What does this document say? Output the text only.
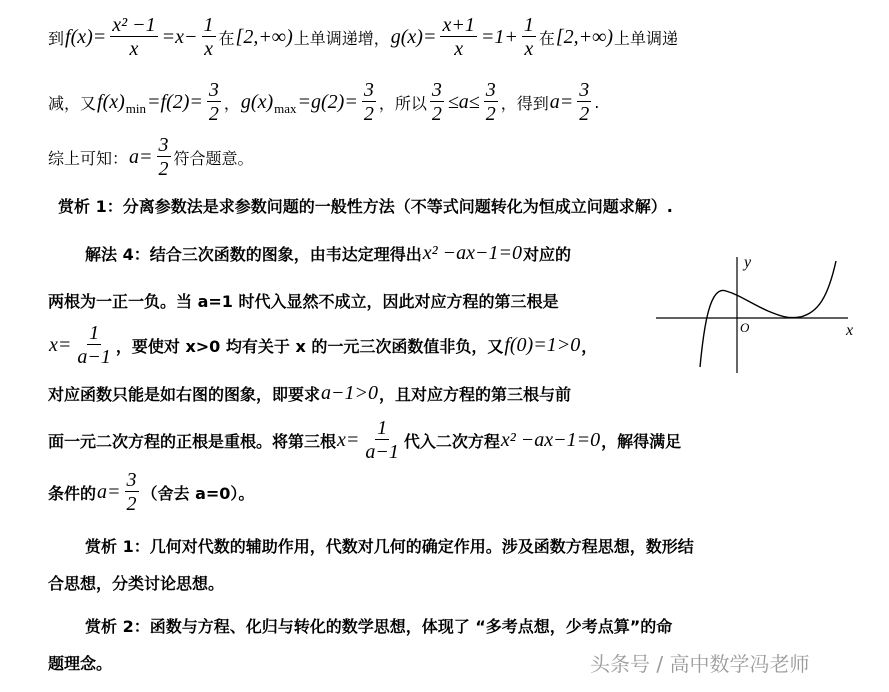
到 $f(x)= \frac{\text{x² −1}}{x} =x- \frac{1}{x}$ 在 [2,+∞) 上单调递增， $g(x)= \frac{x+1}{x} =1+ \frac{1}{x}$ 在 [2,+∞) 上单调递
减，又 f(x) $\min =f(2)= \frac{3}{2}$ ， g(x) $\max =g(2)= \frac{3}{2}$ ，所以 $\frac{3}{2} \le a\le \frac{3}{2}$ ，得到 $a= \frac{3}{2}$ .
综上可知： $a= \frac{3}{2}$ 符合题意。
赏析 1：分离参数法是求参数问题的一般性方法（不等式问题转化为恒成立问题求解）.
解法 4：结合三次函数的图象，由韦达定理得出 x² −ax−1=0 对应的
两根为一正一负。当 a=1 时代入显然不成立，因此对应方程的第三根是
$x= \frac{1}{a-1}$ ，要使对 x>0 均有关于 x 的一元三次函数值非负，又 f(0)=1>0 ，
对应函数只能是如右图的图象，即要求 a−1>0 ，且对应方程的第三根与前
面一元二次方程的正根是重根。将第三根 $x= \frac{1}{a-1}$ 代入二次方程 x² −ax−1=0 ，解得满足
条件的 $a= \frac{3}{2}$ （舍去 a=0）。
赏析 1：几何对代数的辅助作用，代数对几何的确定作用。涉及函数方程思想，数形结
合思想，分类讨论思想。
赏析 2：函数与方程、化归与转化的数学思想，体现了 “多考点想，少考点算”的命
题理念。
y
O	x
头条号 / 高中数学冯老师
